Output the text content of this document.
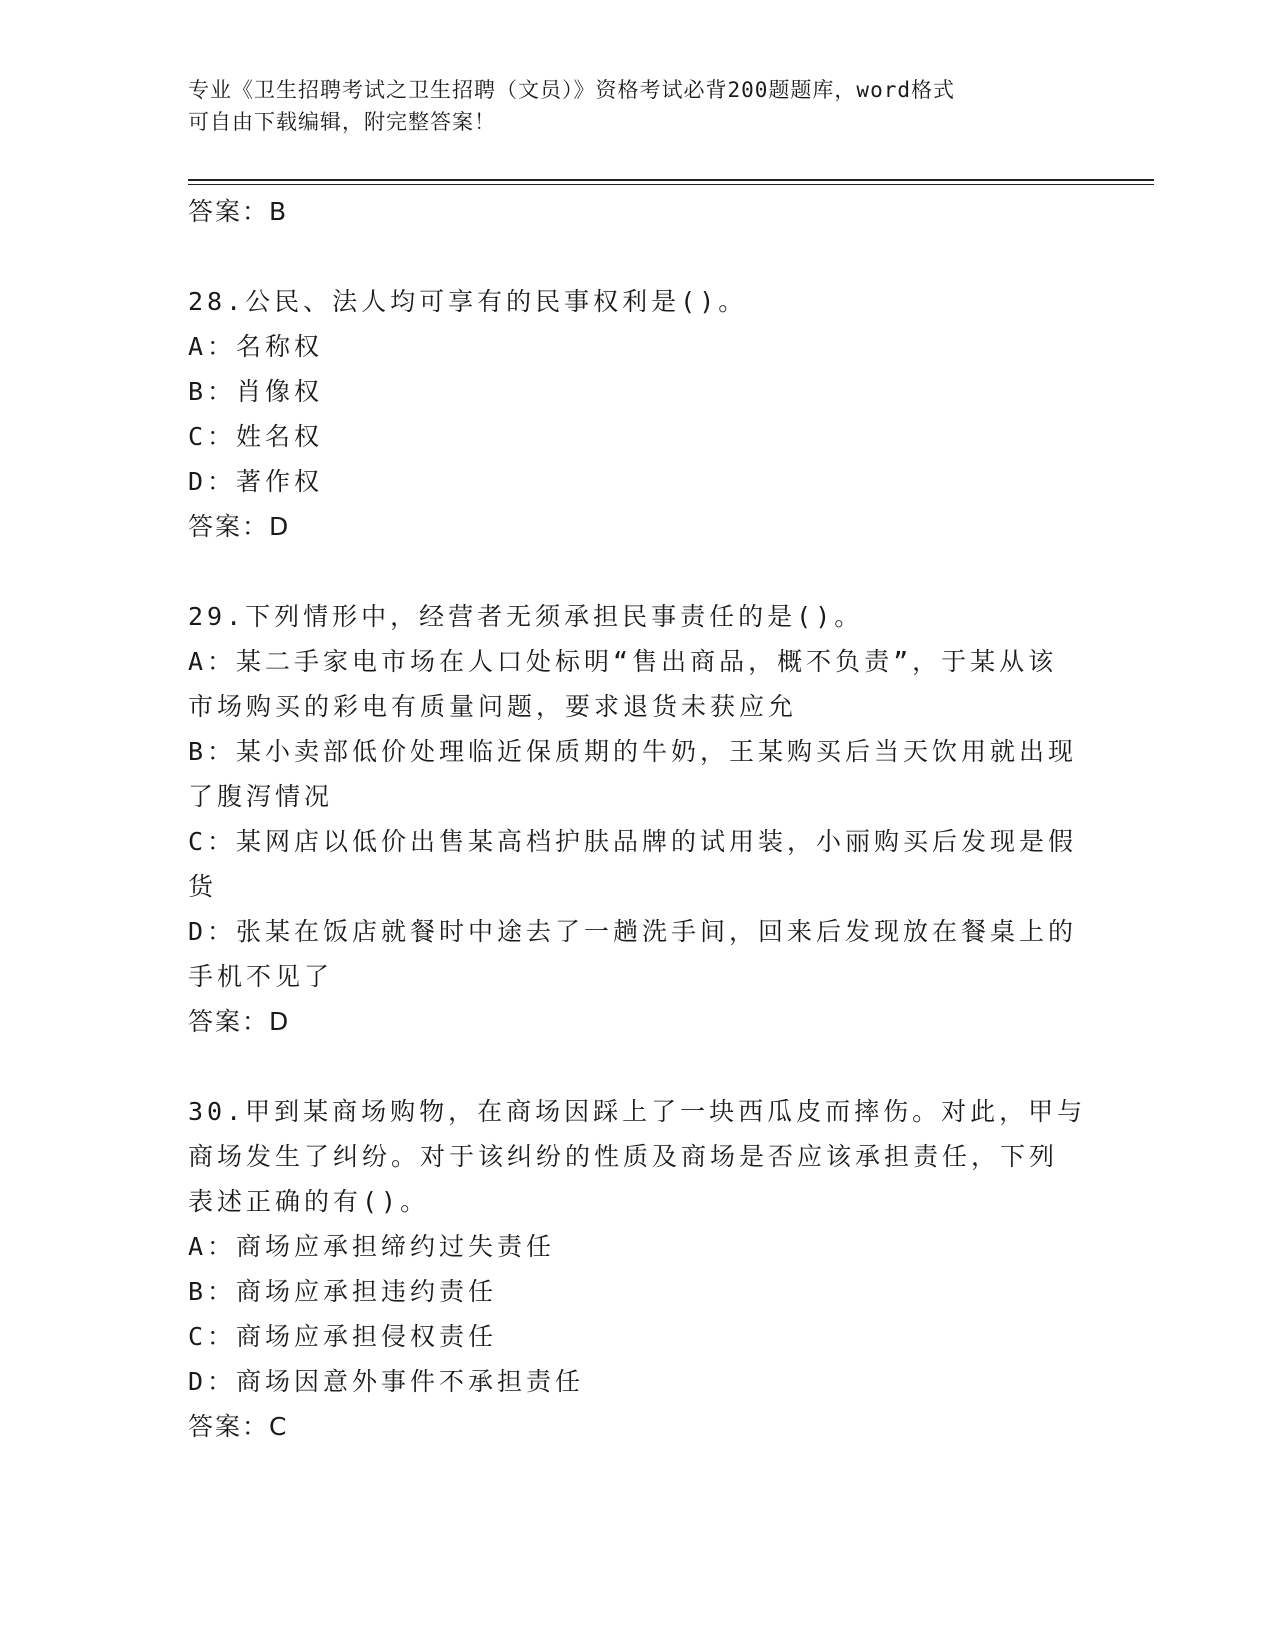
专业《卫生招聘考试之卫生招聘（文员）》资格考试必背200题题库，word格式
可自由下载编辑，附完整答案！
答案：B
28.公民、法人均可享有的民事权利是()。
A：名称权
B：肖像权
C：姓名权
D：著作权
答案：D
29.下列情形中，经营者无须承担民事责任的是()。
A：某二手家电市场在人口处标明“售出商品，概不负责”，于某从该
市场购买的彩电有质量问题，要求退货未获应允
B：某小卖部低价处理临近保质期的牛奶，王某购买后当天饮用就出现
了腹泻情况
C：某网店以低价出售某高档护肤品牌的试用装，小丽购买后发现是假
货
D：张某在饭店就餐时中途去了一趟洗手间，回来后发现放在餐桌上的
手机不见了
答案：D
30.甲到某商场购物，在商场因踩上了一块西瓜皮而摔伤。对此，甲与
商场发生了纠纷。对于该纠纷的性质及商场是否应该承担责任，下列
表述正确的有()。
A：商场应承担缔约过失责任
B：商场应承担违约责任
C：商场应承担侵权责任
D：商场因意外事件不承担责任
答案：C
